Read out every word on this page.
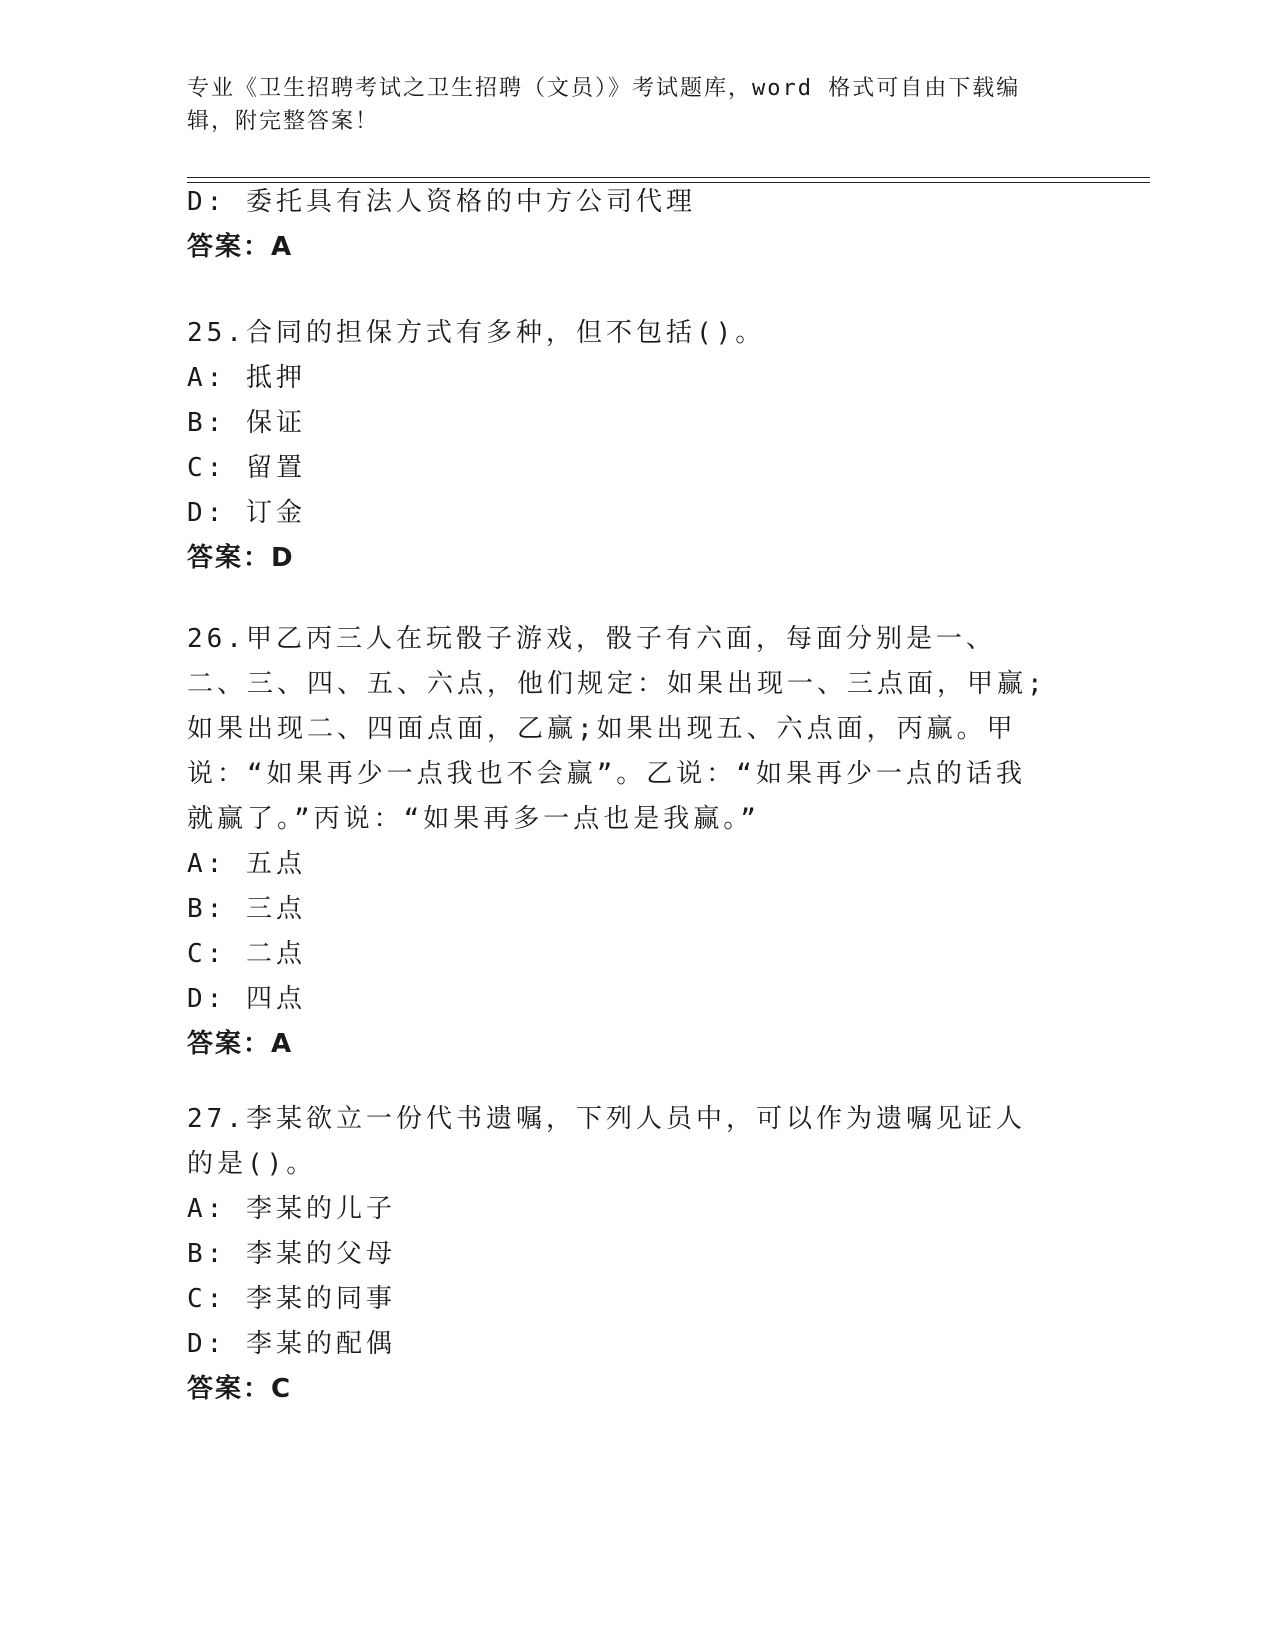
专业《卫生招聘考试之卫生招聘（文员）》考试题库，word 格式可自由下载编辑，附完整答案！
D: 委托具有法人资格的中方公司代理
答案：A
25.合同的担保方式有多种，但不包括()。
A: 抵押
B: 保证
C: 留置
D: 订金
答案：D
26.甲乙丙三人在玩骰子游戏，骰子有六面，每面分别是一、二、三、四、五、六点，他们规定：如果出现一、三点面，甲赢;如果出现二、四面点面，乙赢;如果出现五、六点面，丙赢。甲说：“如果再少一点我也不会赢”。乙说：“如果再少一点的话我就赢了。”丙说：“如果再多一点也是我赢。”
A: 五点
B: 三点
C: 二点
D: 四点
答案：A
27.李某欲立一份代书遗嘱，下列人员中，可以作为遗嘱见证人的是()。
A: 李某的儿子
B: 李某的父母
C: 李某的同事
D: 李某的配偶
答案：C
